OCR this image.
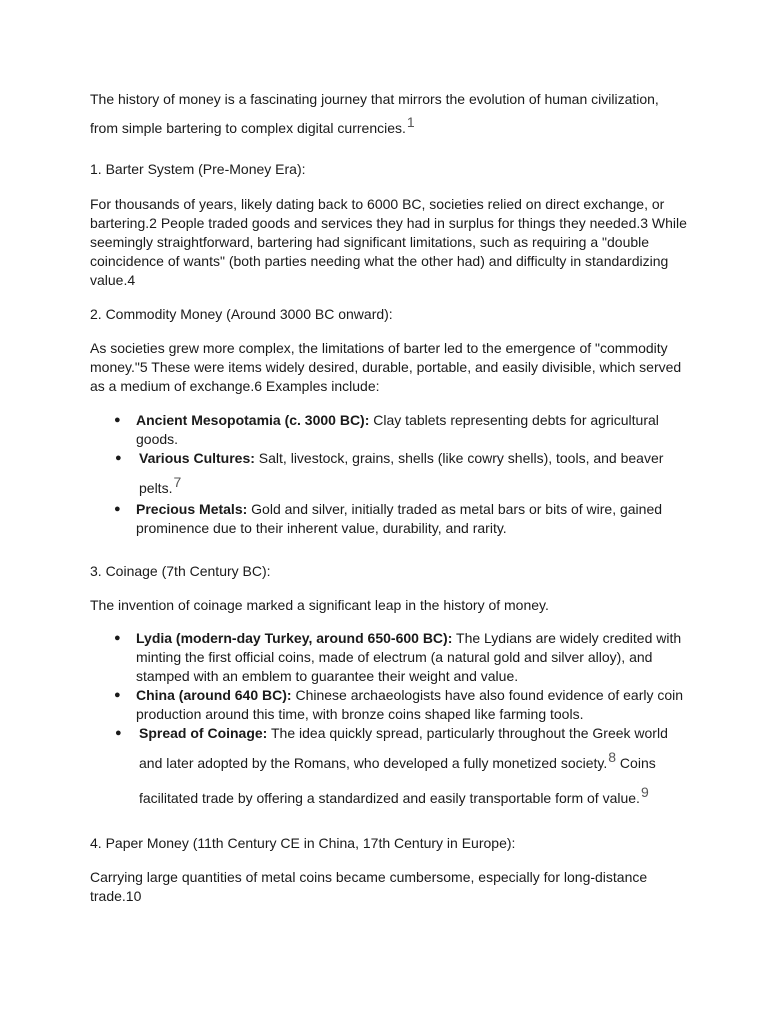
The history of money is a fascinating journey that mirrors the evolution of human civilization,
from simple bartering to complex digital currencies.$^1$

1. Barter System (Pre-Money Era):

For thousands of years, likely dating back to 6000 BC, societies relied on direct exchange, or bartering.2 People traded goods and services they had in surplus for things they needed.3 While seemingly straightforward, bartering had significant limitations, such as requiring a "double coincidence of wants" (both parties needing what the other had) and difficulty in standardizing value.4

2. Commodity Money (Around 3000 BC onward):

As societies grew more complex, the limitations of barter led to the emergence of "commodity money."5 These were items widely desired, durable, portable, and easily divisible, which served as a medium of exchange.6 Examples include:

● Ancient Mesopotamia (c. 3000 BC): Clay tablets representing debts for agricultural goods.
● Various Cultures: Salt, livestock, grains, shells (like cowry shells), tools, and beaver
pelts.$^7$
● Precious Metals: Gold and silver, initially traded as metal bars or bits of wire, gained prominence due to their inherent value, durability, and rarity.

3. Coinage (7th Century BC):

The invention of coinage marked a significant leap in the history of money.

● Lydia (modern-day Turkey, around 650-600 BC): The Lydians are widely credited with minting the first official coins, made of electrum (a natural gold and silver alloy), and stamped with an emblem to guarantee their weight and value.
● China (around 640 BC): Chinese archaeologists have also found evidence of early coin production around this time, with bronze coins shaped like farming tools.
● Spread of Coinage: The idea quickly spread, particularly throughout the Greek world
and later adopted by the Romans, who developed a fully monetized society.$^8$ Coins
facilitated trade by offering a standardized and easily transportable form of value.$^9$

4. Paper Money (11th Century CE in China, 17th Century in Europe):

Carrying large quantities of metal coins became cumbersome, especially for long-distance trade.10
